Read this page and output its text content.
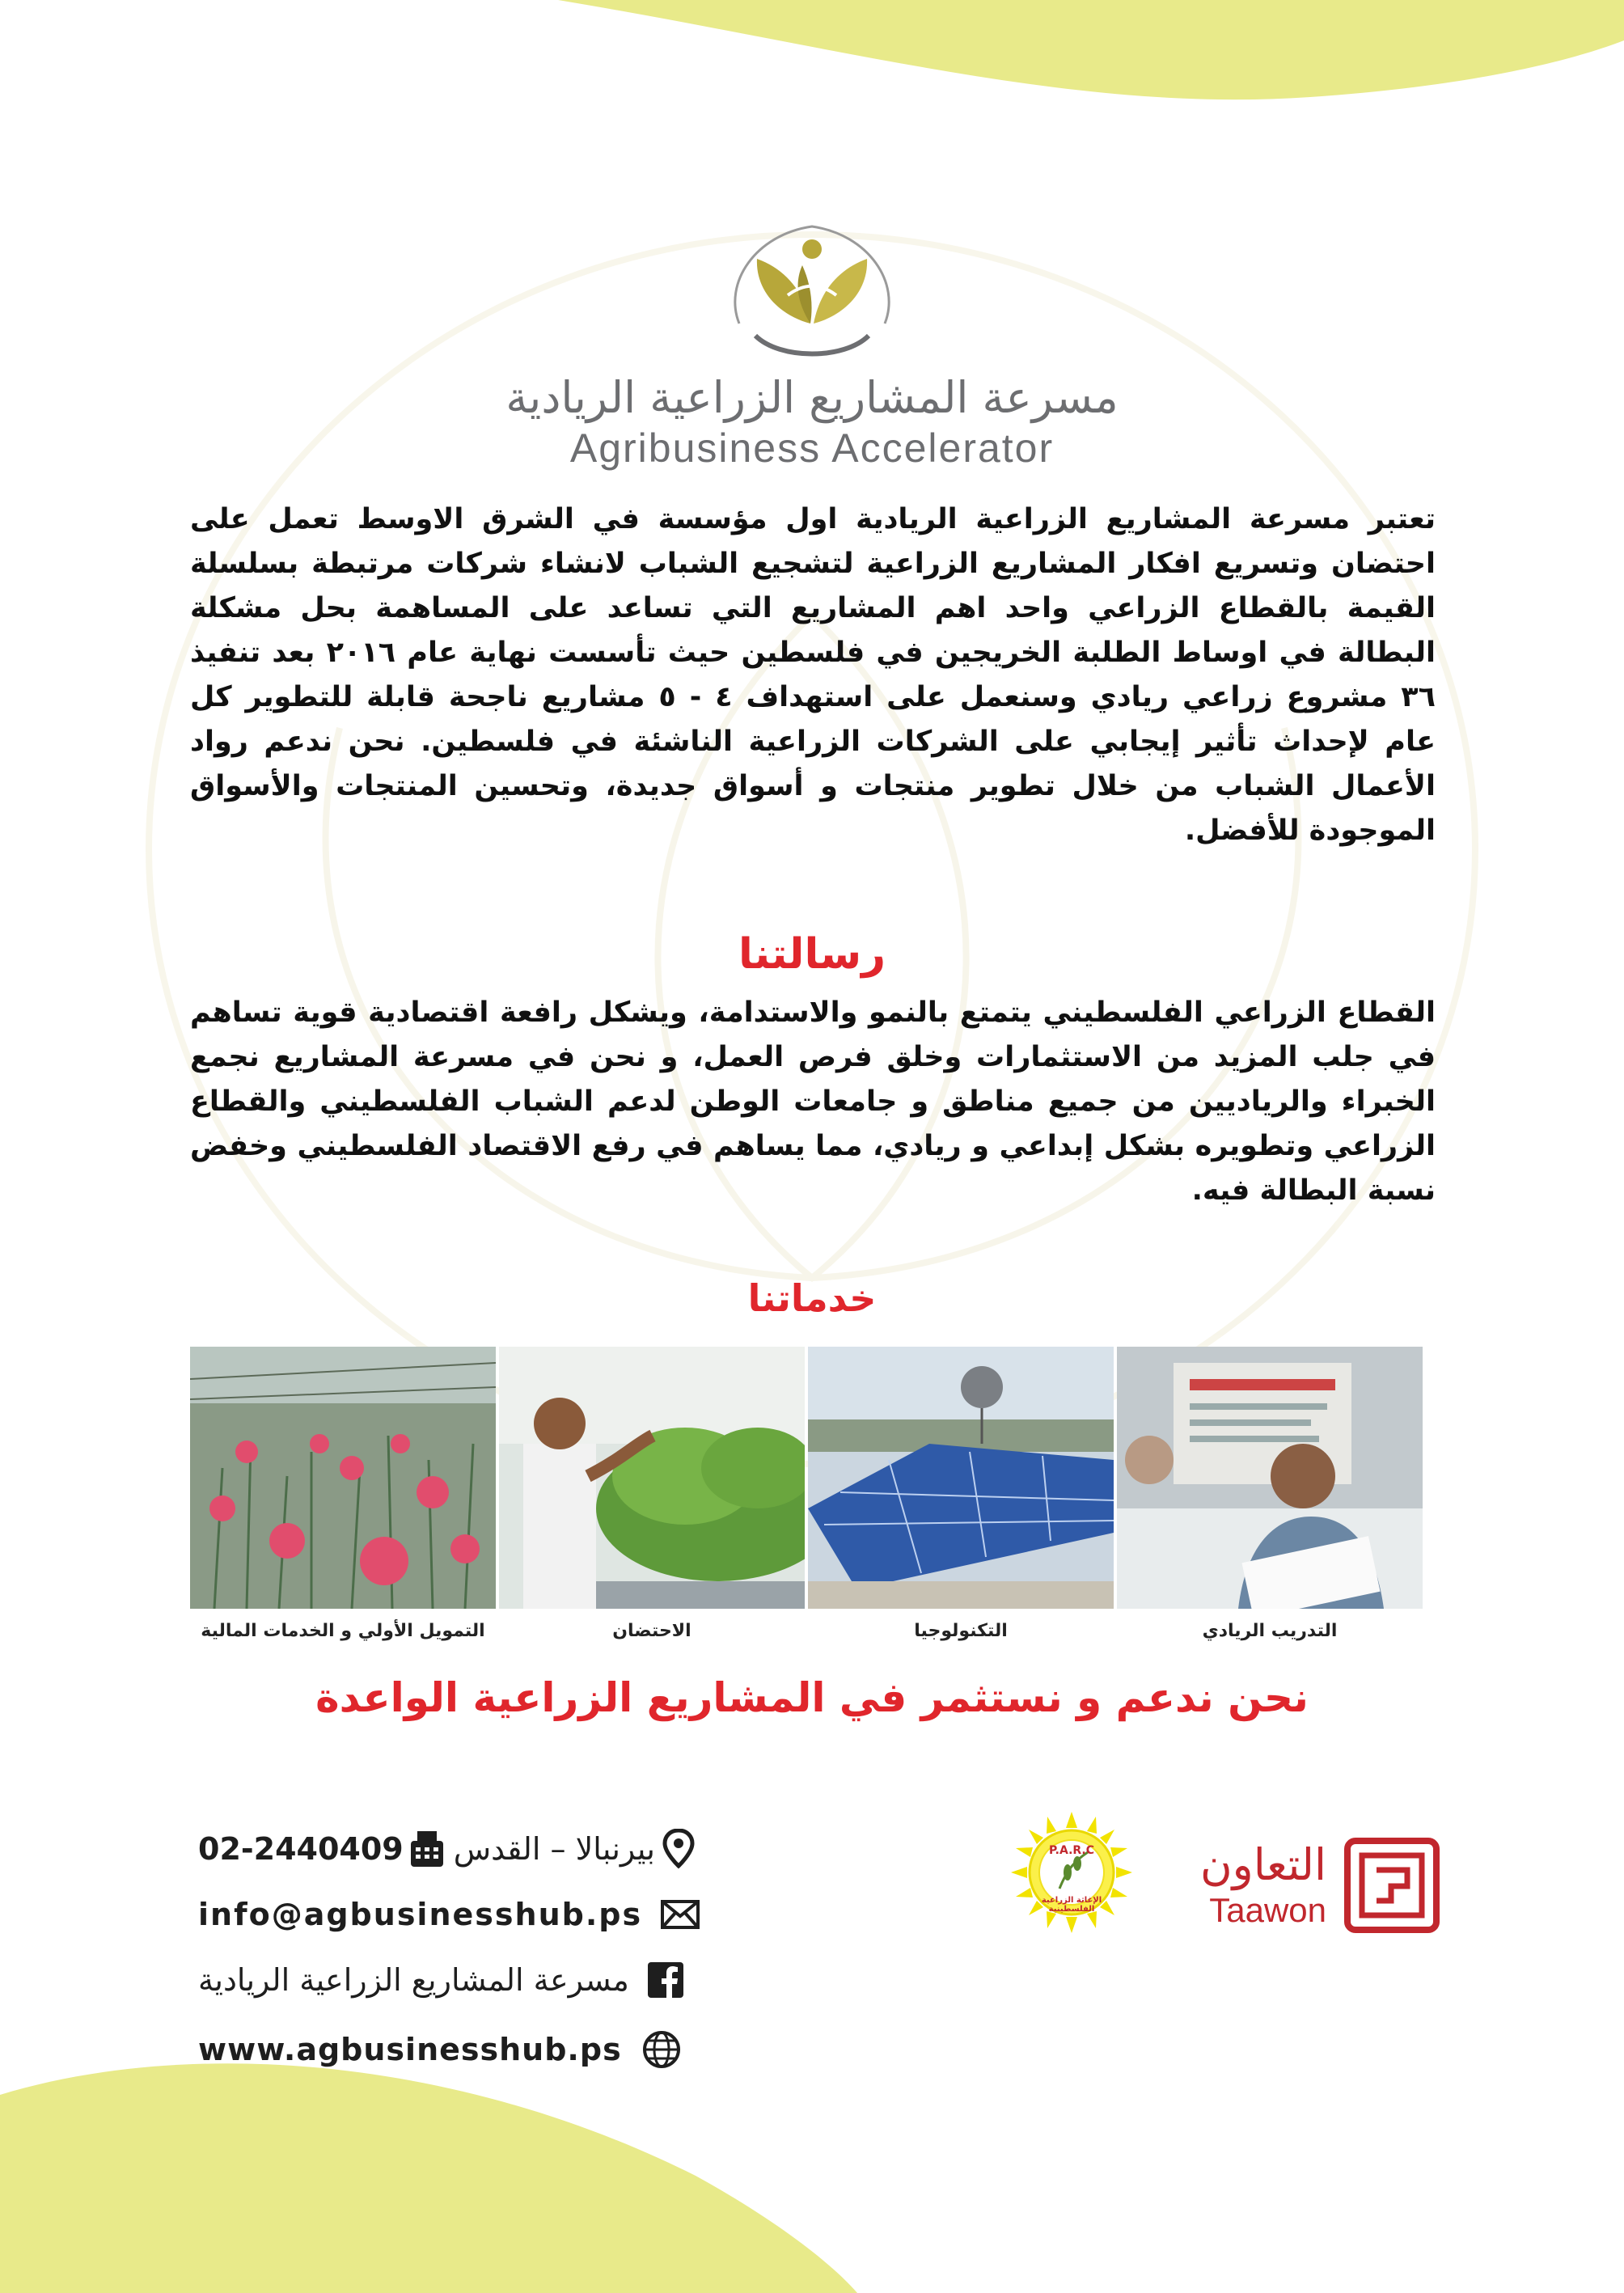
مسرعة المشاريع الزراعية الريادية
Agribusiness Accelerator
تعتبر مسرعة المشاريع الزراعية الريادية اول مؤسسة في الشرق الاوسط تعمل على احتضان وتسريع افكار المشاريع الزراعية لتشجيع الشباب لانشاء شركات مرتبطة بسلسلة القيمة بالقطاع الزراعي واحد اهم المشاريع التي تساعد على المساهمة بحل مشكلة البطالة في اوساط الطلبة الخريجين في فلسطين حيث تأسست نهاية عام ٢٠١٦ بعد تنفيذ ٣٦ مشروع زراعي ريادي وسنعمل على استهداف ٤ - ٥ مشاريع ناجحة قابلة للتطوير كل عام لإحداث تأثير إيجابي على الشركات الزراعية الناشئة في فلسطين. نحن ندعم رواد الأعمال الشباب من خلال تطوير منتجات و أسواق جديدة، وتحسين المنتجات والأسواق الموجودة للأفضل.
رسالتنا
القطاع الزراعي الفلسطيني يتمتع بالنمو والاستدامة، ويشكل رافعة اقتصادية قوية تساهم في جلب المزيد من الاستثمارات وخلق فرص العمل، و نحن في مسرعة المشاريع نجمع الخبراء والرياديين من جميع مناطق و جامعات الوطن لدعم الشباب الفلسطيني والقطاع الزراعي وتطويره بشكل إبداعي و ريادي، مما يساهم في رفع الاقتصاد الفلسطيني وخفض نسبة البطالة فيه.
خدماتنا
التمويل الأولي و الخدمات المالية	الاحتضان	التكنولوجيا	التدريب الريادي
نحن ندعم و نستثمر في المشاريع الزراعية الواعدة
02-2440409 بيرنبالا – القدس
info@agbusinesshub.ps
مسرعة المشاريع الزراعية الريادية
www.agbusinesshub.ps
P.A.R.C
الإغاثة الزراعية الفلسطينية
التعاون
Taawon
